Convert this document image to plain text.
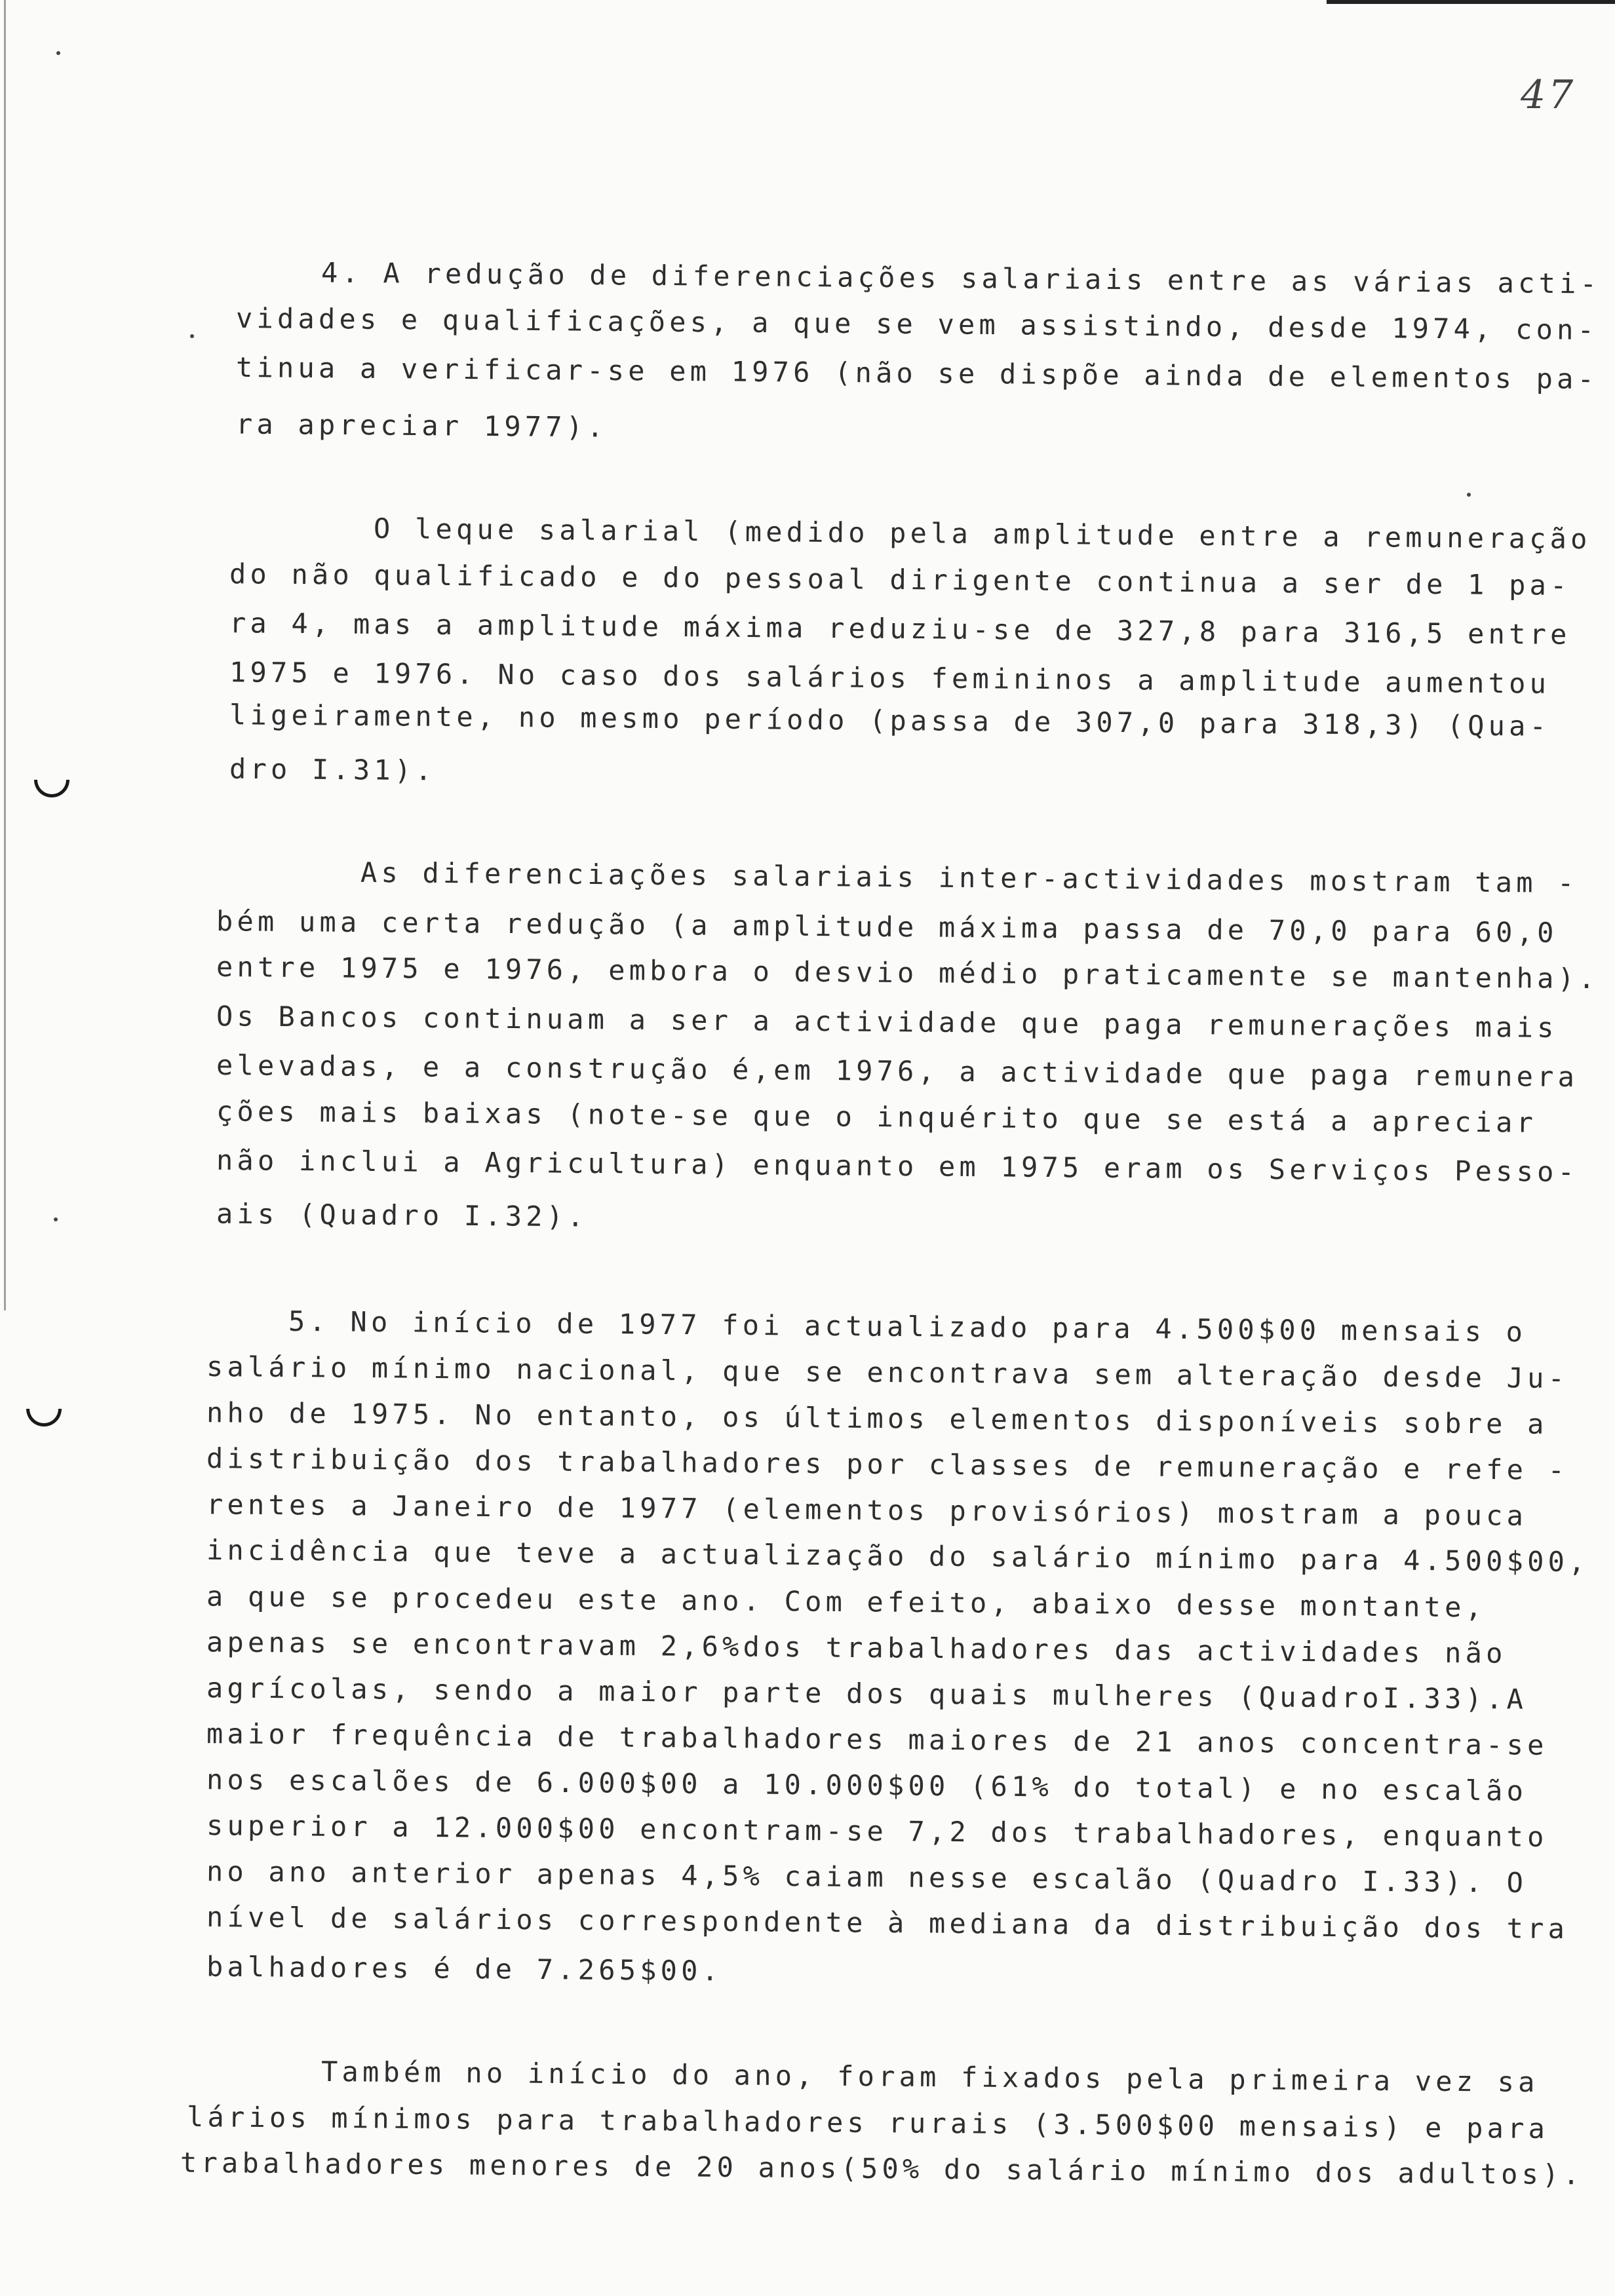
47
4. A redução de diferenciações salariais entre as várias acti-
vidades e qualificações, a que se vem assistindo, desde 1974, con-
tinua a verificar-se em 1976 (não se dispõe ainda de elementos pa-
ra apreciar 1977).
O leque salarial (medido pela amplitude entre a remuneração
do não qualificado e do pessoal dirigente continua a ser de 1 pa-
ra 4, mas a amplitude máxima reduziu-se de 327,8 para 316,5 entre
1975 e 1976. No caso dos salários femininos a amplitude aumentou
ligeiramente, no mesmo período (passa de 307,0 para 318,3) (Qua-
dro I.31).
As diferenciações salariais inter-actividades mostram tam -
bém uma certa redução (a amplitude máxima passa de 70,0 para 60,0
entre 1975 e 1976, embora o desvio médio praticamente se mantenha).
Os Bancos continuam a ser a actividade que paga remunerações mais
elevadas, e a construção é,em 1976, a actividade que paga remunera
ções mais baixas (note-se que o inquérito que se está a apreciar
não inclui a Agricultura) enquanto em 1975 eram os Serviços Pesso-
ais (Quadro I.32).
5. No início de 1977 foi actualizado para 4.500$00 mensais o
salário mínimo nacional, que se encontrava sem alteração desde Ju-
nho de 1975. No entanto, os últimos elementos disponíveis sobre a
distribuição dos trabalhadores por classes de remuneração e refe -
rentes a Janeiro de 1977 (elementos provisórios) mostram a pouca
incidência que teve a actualização do salário mínimo para 4.500$00,
a que se procedeu este ano. Com efeito, abaixo desse montante,
apenas se encontravam 2,6%dos trabalhadores das actividades não
agrícolas, sendo a maior parte dos quais mulheres (QuadroI.33).A
maior frequência de trabalhadores maiores de 21 anos concentra-se
nos escalões de 6.000$00 a 10.000$00 (61% do total) e no escalão
superior a 12.000$00 encontram-se 7,2 dos trabalhadores, enquanto
no ano anterior apenas 4,5% caiam nesse escalão (Quadro I.33). O
nível de salários correspondente à mediana da distribuição dos tra
balhadores é de 7.265$00.
Também no início do ano, foram fixados pela primeira vez sa
lários mínimos para trabalhadores rurais (3.500$00 mensais) e para
trabalhadores menores de 20 anos(50% do salário mínimo dos adultos).
